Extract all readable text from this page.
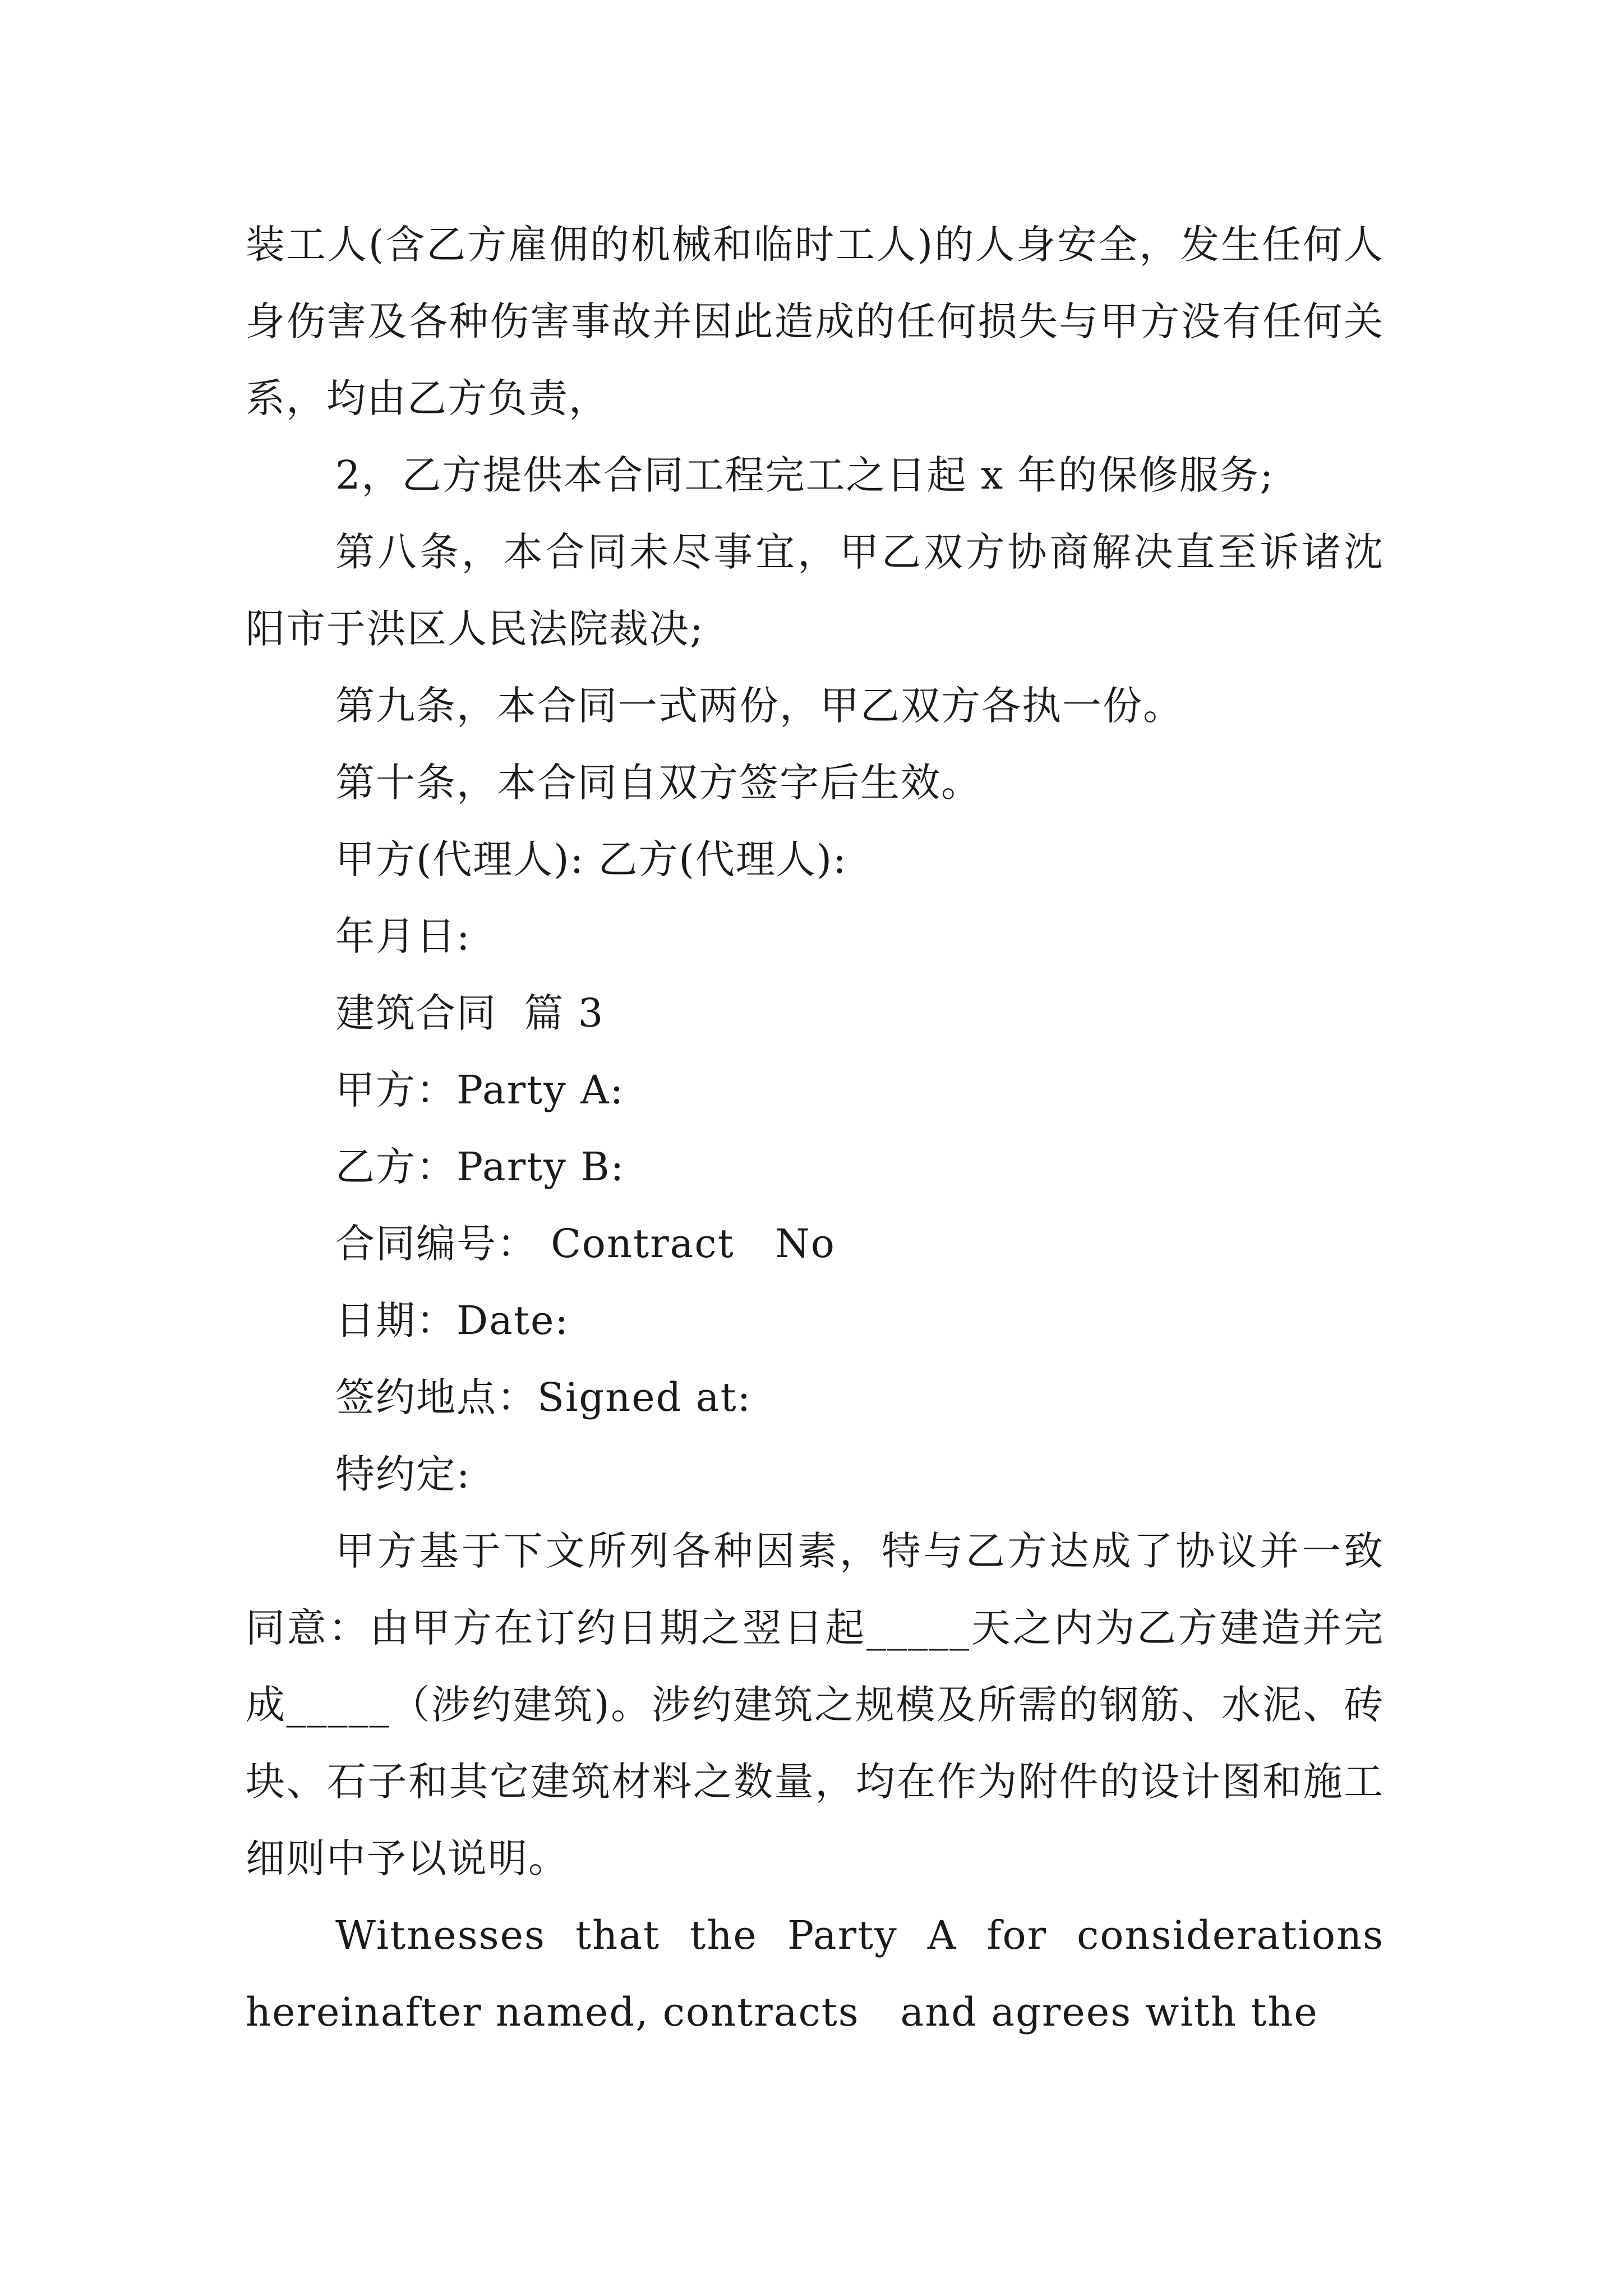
装工人(含乙方雇佣的机械和临时工人)的人身安全，发生任何人身伤害及各种伤害事故并因此造成的任何损失与甲方没有任何关系，均由乙方负责，

2，乙方提供本合同工程完工之日起 x 年的保修服务;

第八条，本合同未尽事宜，甲乙双方协商解决直至诉诸沈阳市于洪区人民法院裁决;

第九条，本合同一式两份，甲乙双方各执一份。

第十条，本合同自双方签字后生效。

甲方(代理人): 乙方(代理人):

年月日:

建筑合同  篇 3

甲方：Party A:

乙方：Party B:

合同编号： Contract   No

日期：Date:

签约地点：Signed at:

特约定:

甲方基于下文所列各种因素，特与乙方达成了协议并一致同意：由甲方在订约日期之翌日起_____天之内为乙方建造并完成_____（涉约建筑)。涉约建筑之规模及所需的钢筋、水泥、砖块、石子和其它建筑材料之数量，均在作为附件的设计图和施工细则中予以说明。

Witnesses that the Party A for considerations hereinafter named, contracts   and agrees with the
